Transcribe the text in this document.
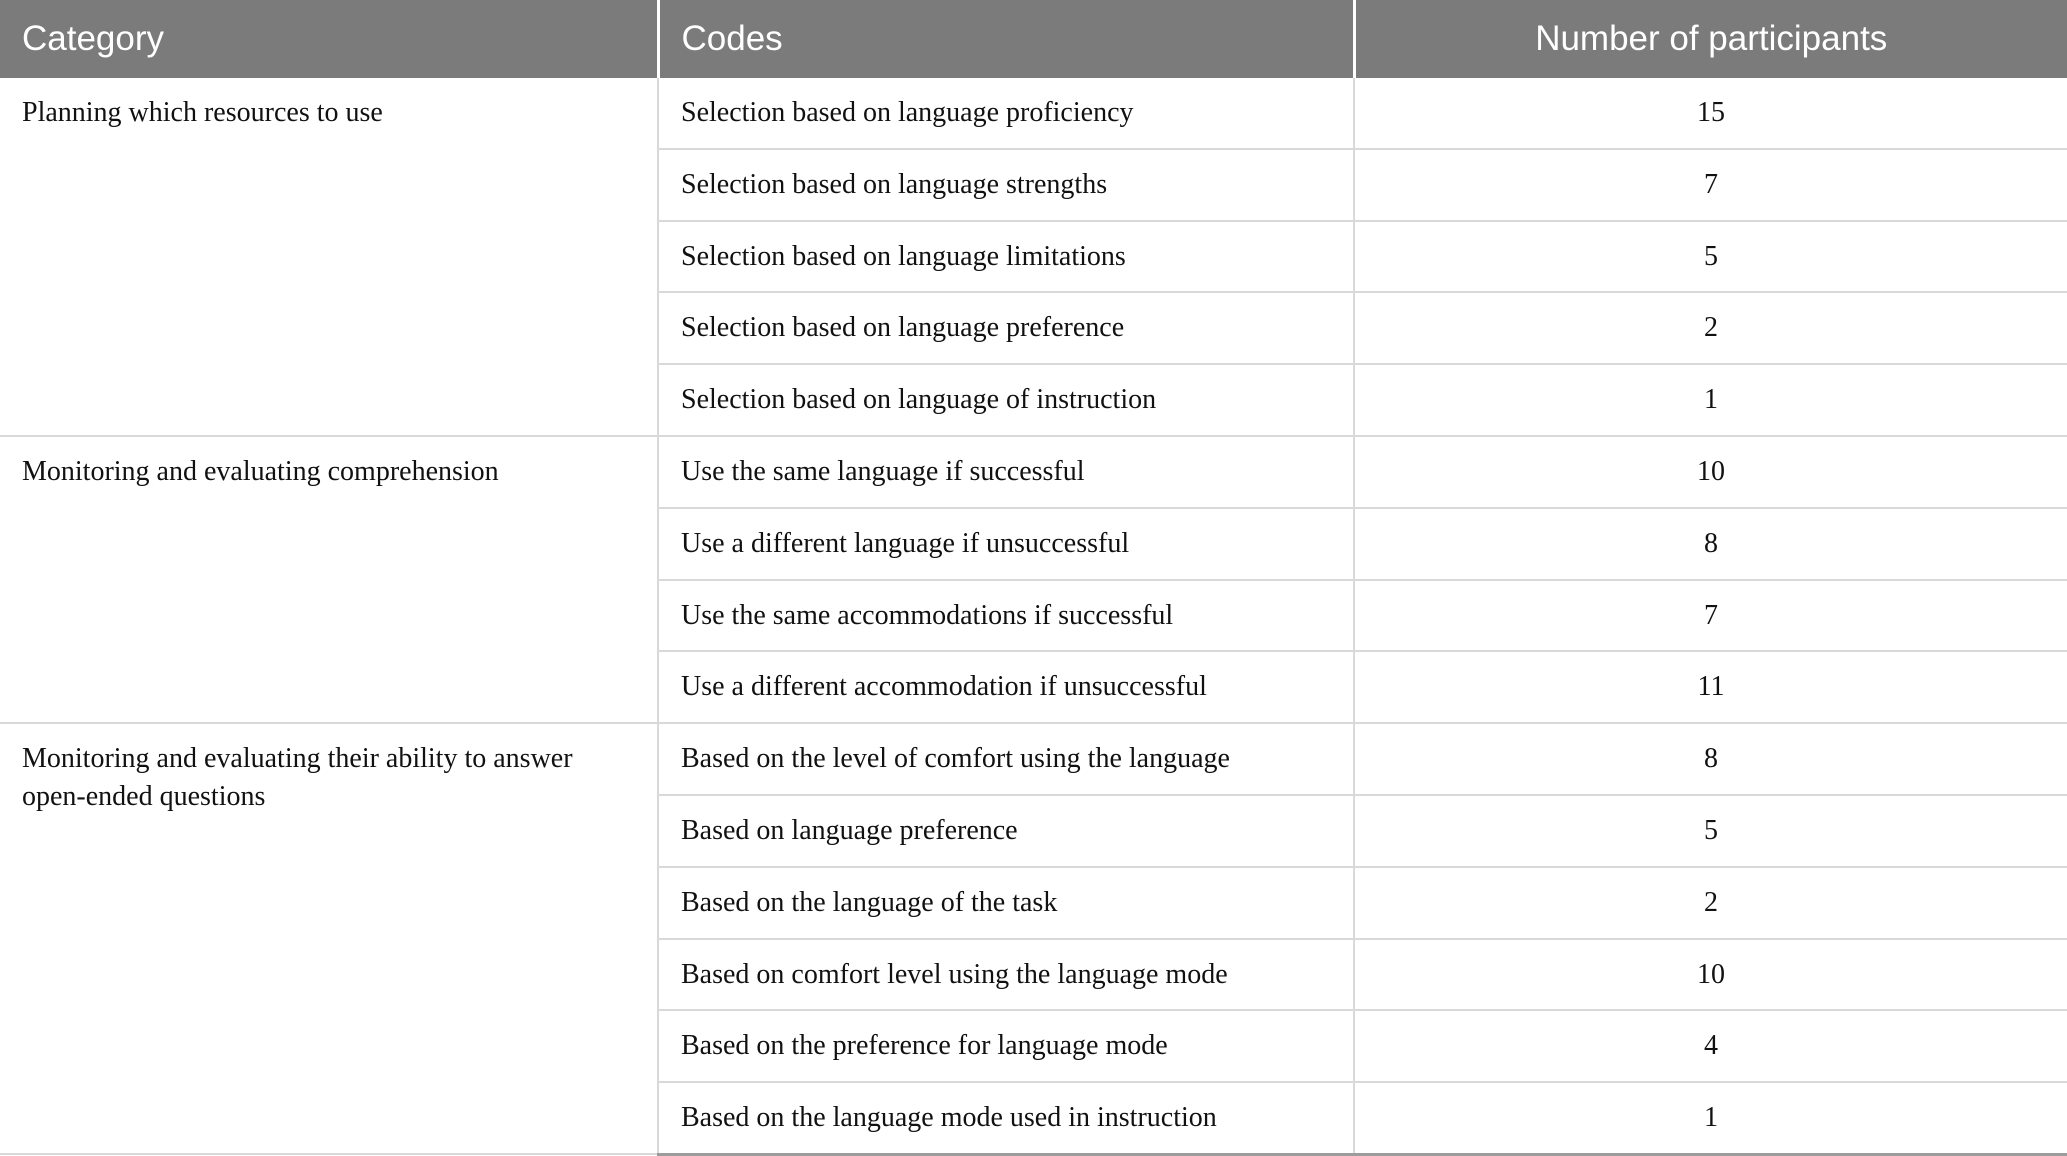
Category	Codes	Number of participants

Planning which resources to use	Selection based on language proficiency	15

	Selection based on language strengths	7

	Selection based on language limitations	5

	Selection based on language preference	2

	Selection based on language of instruction	1

Monitoring and evaluating comprehension	Use the same language if successful	10

	Use a different language if unsuccessful	8

	Use the same accommodations if successful	7

	Use a different accommodation if unsuccessful	11

Monitoring and evaluating their ability to answer open-ended questions	Based on the level of comfort using the language	8

	Based on language preference	5

	Based on the language of the task	2

	Based on comfort level using the language mode	10

	Based on the preference for language mode	4

	Based on the language mode used in instruction	1
